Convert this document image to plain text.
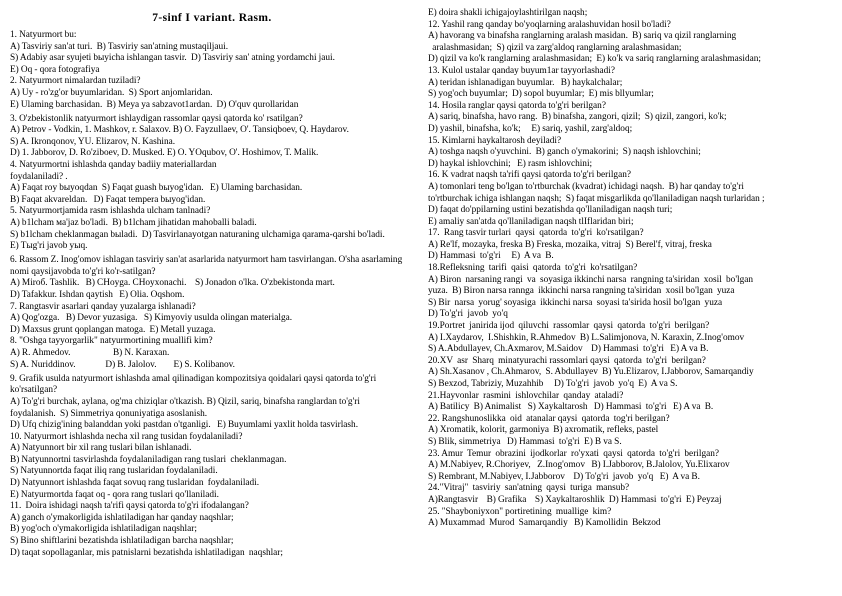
7-sinf I variant. Rasm.

1. Natyurmort bu:

A) Tasviriy san'at turi.  B) Tasviriy san'atning mustaqiljaui.

S) Adabiy asar syujeti bыyicha ishlangan tasvir.  D) Tasviriy san' atning yordamchi jaui.

E) Oq - qora fotografiya

2. Natyurmort nimalardan tuziladi?

A) Uy - ro'zg'or buyumlaridan.  S) Sport anjomlaridan.

E) Ulaming barchasidan.  B) Meya ya sabzavot1ardan.  D) O'quv qurollaridan

3. O'zbekistonlik natyurmort ishlaydigan rassomlar qaysi qatorda ko' rsatilgan?

A) Petrov - Vodkin, 1. Mashkov, r. Salaxov. B) O. Fayzullaev, O'. Tansiqboev, Q. Haydarov.

S) A. Ikronqonov, YU. Elizarov, N. Kashina.

D) 1. Jabborov, D. Ro'ziboev, D. Musked. E) O. YOqubov, O'. Hoshimov, T. Malik.

4. Natyurmortni ishlashda qanday badiiy materiallardan

foydalaniladi? .

A) Faqat roy bыyoqdan  S) Faqat guash bыyog'idan.   E) Ulaming barchasidan.

B) Faqat akvareldan.   D) Faqat tempera bыyog'idan.

5. Natyurmortjamida rasm ishlashda ulcham tanlnadi?

A) b1lcham мa'jaz bo'ladi.  B) b1lcham jihatidan mahoballi baladi.

S) b1lcham cheklanmagan bыladi.  D) Tasvirlanayotgan naturaning ulchamiga qarama-qarshi bo'ladi.

E) Tыg'ri javob yыq.

6. Rassom Z. Inog'omov ishlagan tasviriy san'at asarlarida natyurmort ham tasvirlangan. O'sha asarlaming

nomi qaysijavobda to'g'ri ko'r-satilgan?

A) Miroб. Tashlik.   B) CHoyga. CHoyxonachi.    S) Jonadon o'lka. O'zbekistonda mart.

D) Tafakkur. Ishdan qaytish   E) Olia. Oqshom.

7. Rangtasvir asarlari qanday yuzalarga ishlanadi?

A) Qog'ozga.   B) Devor yuzasiga.   S) Kimyoviy usulda olingan materialga.

D) Maxsus grunt qoplangan matoga.  E) Metall yuzaga.

8. "Oshga tayyorgarlik" natyurmortining muallifi kim?

A) R. Ahmedov.                    B) N. Karaxan.

S) A. Nuriddinov.              D) B. Jalolov.        E) S. Kolibanov.

9. Grafik usulda natyurmort ishlashda amal qilinadigan kompozitsiya qoidalari qaysi qatorda to'g'ri

ko'rsatilgan?

A) To'g'ri burchak, aylana, og'ma chiziqlar o'tkazish. B) Qizil, sariq, binafsha ranglardan to'g'ri

foydalanish.  S) Simmetriya qonuniyatiga asoslanish.

D) Ufq chizig'ining balanddan yoki pastdan o'tganligi.   E) Buyumlami yaxlit holda tasvirlash.

10. Natyurmort ishlashda necha xil rang tusidan foydalaniladi?

A) Natyunnort bir xil rang tuslari bilan ishlanadi.

B) Natyunnortni tasvirlashda foydalaniladigan rang tuslari  cheklanmagan.

S) Natyunnortda faqat iliq rang tuslaridan foydalaniladi.

D) Natyunnort ishlashda faqat sovuq rang tuslaridan  foydalaniladi.

E) Natyurmortda faqat oq - qora rang tuslari qo'llaniladi.

11.  Doira ishidagi naqsh ta'rifi qaysi qatorda to'g'ri ifodalangan?

A) ganch o'ymakorligida ishlatiladigan har qanday naqshlar;

B) yog'och o'ymakorligida ishlatiladigan naqshlar;

S) Bino shiftlarini bezatishda ishlatiladigan barcha naqshlar;

D) taqat sopollaganlar, mis patnislarni bezatishda ishlatiladigan  naqshlar;

E) doira shakli ichigajoylashtirilgan naqsh;

12. Yashil rang qanday bo'yoqlarning aralashuvidan hosil bo'ladi?

A) havorang va binafsha ranglarning aralash masidan.  B) sariq va qizil ranglarning

aralashmasidan;  S) qizil va zarg'aldoq ranglarning aralashmasidan;

D) qizil va ko'k ranglarning aralashmasidan;  E) ko'k va sariq ranglarning aralashmasidan;

13. Kulol ustalar qanday buyum1ar tayyorlashadi?

A) teridan ishlanadigan buyumlar.   B) haykalchalar;

S) yog'och buyumlar;  D) sopol buyumlar;  E) mis bllyumlar;

14. Hosila ranglar qaysi qatorda to'g'ri berilgan?

A) sariq, binafsha, havo rang.  B) binafsha, zangori, qizil;  S) qizil, zangori, ko'k;

D) yashil, binafsha, ko'k;     E) sariq, yashil, zarg'aldoq;

15. Kimlarni haykaltarosh deyiladi?

A) toshga naqsh o'yuvchini.  B) ganch o'ymakorini;  S) naqsh ishlovchini;

D) haykal ishlovchini;   E) rasm ishlovchini;

16. K vadrat naqsh ta'rifi qaysi qatorda to'g'ri berilgan?

A) tomonlari teng bo'lgan to'rtburchak (kvadrat) ichidagi naqsh.  B) har qanday to'g'ri

to'rtburchak ichiga ishlangan naqsh;  S) faqat misgarlikda qo'llaniladigan naqsh turlaridan ;

D) faqat do'ppilarning ustini bezatishda qo'llaniladigan naqsh turi;

E) amaliy san'atda qo'llaniladigan naqsh tlIflaridan biri;

17.  Rang tasvir turlari  qaysi  qatorda  to'g'ri  ko'rsatilgan?

A) Re'lf, mozayka, freska B) Freska, mozaika, vitraj  S) Berel'f, vitraj, freska

D) Hammasi  to'g'ri     E)  A va  B.

18.Refleksning  tarifi  qaisi  qatorda  to'g'ri  ko'rsatilgan?

A) Biron  narsaning rangi  va  soyasiga ikkinchi narsa  rangning ta'siridan  xosil  bo'lgan

yuza.  B) Biron narsa rannga  ikkinchi narsa rangning ta'siridan  xosil bo'lgan  yuza

S) Bir  narsa  yorug' soyasiga  ikkinchi narsa  soyasi ta'sirida hosil bo'lgan  yuza

D) To'g'ri  javob  yo'q

19.Portret  janirida ijod  qiluvchi  rassomlar  qaysi  qatorda  to'g'ri  berilgan?

A) I.Xaydarov,  I.Shishkin, R.Ahmedov  B) L.Salimjonova, N. Karaxin, Z.Inog'omov

S) A.Abdullayev, Ch.Axmarov, M.Saidov    D) Hammasi  to'g'ri   E) A va B.

20.XV  asr  Sharq  minatyurachi rassomlari qaysi  qatorda  to'g'ri  berilgan?

A) Sh.Xasanov , Ch.Ahmarov,  S. Abdullayev  B) Yu.Elizarov, I.Jabborov, Samarqandiy

S) Bexzod, Tabriziy, Muzahhib     D) To'g'ri  javob  yo'q  E)  A va S.

21.Hayvonlar  rasmini  ishlovchilar  qanday  ataladi?

A) Batiliсy  B) Animalist   S) Xaykaltarosh   D) Hammasi  to'g'ri   E) A va  B.

22. Rangshunoslikka  oid  atanalar qaysi  qatorda  tog'ri berilgan?

A) Xromatik, kolorit, garmoniya  B) axromatik, refleks, pastel

S) Blik, simmetriya   D) Hammasi  to'g'ri  E) B va S.

23. Amur  Temur  obrazini  ijodkorlar  ro'yxati  qaysi  qatorda  to'g'ri  berilgan?

A) M.Nabiyev, R.Choriyev,   Z.Inog'omov   B) I.Jabborov, B.Jalolov, Yu.Elixarov

S) Rembrant, M.Nabiyev, I.Jabborov    D) To'g'ri  javob  yo'q   E)  A va B.

24."Vitraj"  tasviriy  san'atning  qaysi  turiga  mansub?

A)Rangtasvir    B) Grafika    S) Xaykaltaroshlik  D) Hammasi  to'g'ri  E) Peyzaj

25. "Shayboniyxon" portiretining  muallige  kim?

A) Muxammad  Murod  Samarqandiy   B) Kamollidin  Bekzod
